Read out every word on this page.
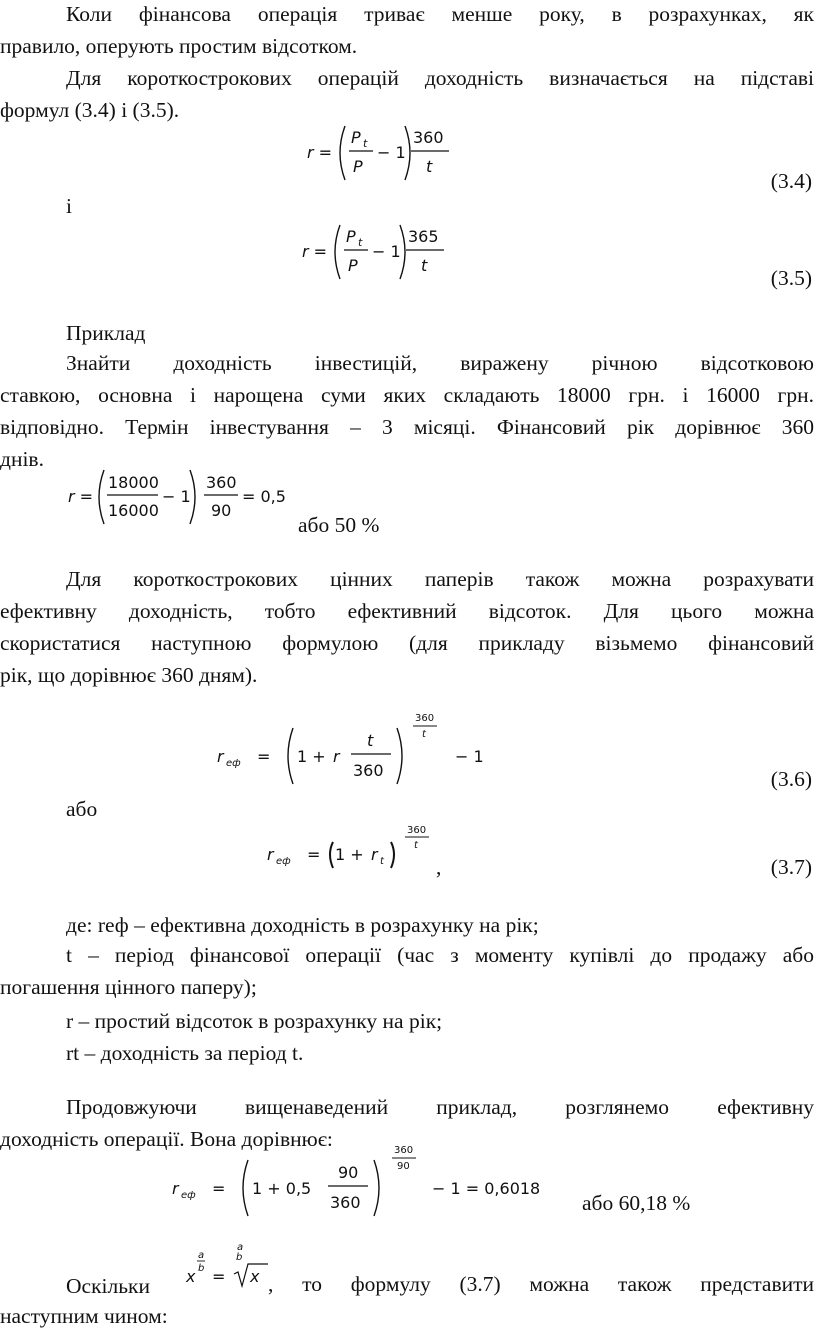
Коли фінансова операція триває менше року, в розрахунках, як
правило, оперують простим відсотком.
Для короткострокових операцій доходність визначається на підставі
формул (3.4) і (3.5).
r =
P t
P
− 1
360
t
(3.4)
і
r =
P t
P
− 1
365
t
(3.5)
Приклад
Знайти доходність інвестицій, виражену річною відсотковою
ставкою, основна і нарощена суми яких складають 18000 грн. і 16000 грн.
відповідно. Термін інвестування – 3 місяці. Фінансовий рік дорівнює 360
днів.
r =
18000
16000
− 1
360
90
= 0,5
або 50 %
Для короткострокових цінних паперів також можна розрахувати
ефективну доходність, тобто ефективний відсоток. Для цього можна
скористатися наступною формулою (для прикладу візьмемо фінансовий
рік, що дорівнює 360 дням).
r еф = 1 + r
t
360
360
t
− 1
(3.6)
або
r еф = 1 + r t
360
t
,	(3.7)
де: rеф – ефективна доходність в розрахунку на рік;
t – період фінансової операції (час з моменту купівлі до продажу або
погашення цінного паперу);
r – простий відсоток в розрахунку на рік;
rt – доходність за період t.
Продовжуючи вищенаведений приклад, розглянемо ефективну
доходність операції. Вона дорівнює:
r еф = 1 + 0,5
90
360
360
90
− 1 = 0,6018
або 60,18 %
Оскільки x
a
b =
b
x
a
, то формулу (3.7) можна також представити
наступним чином:
